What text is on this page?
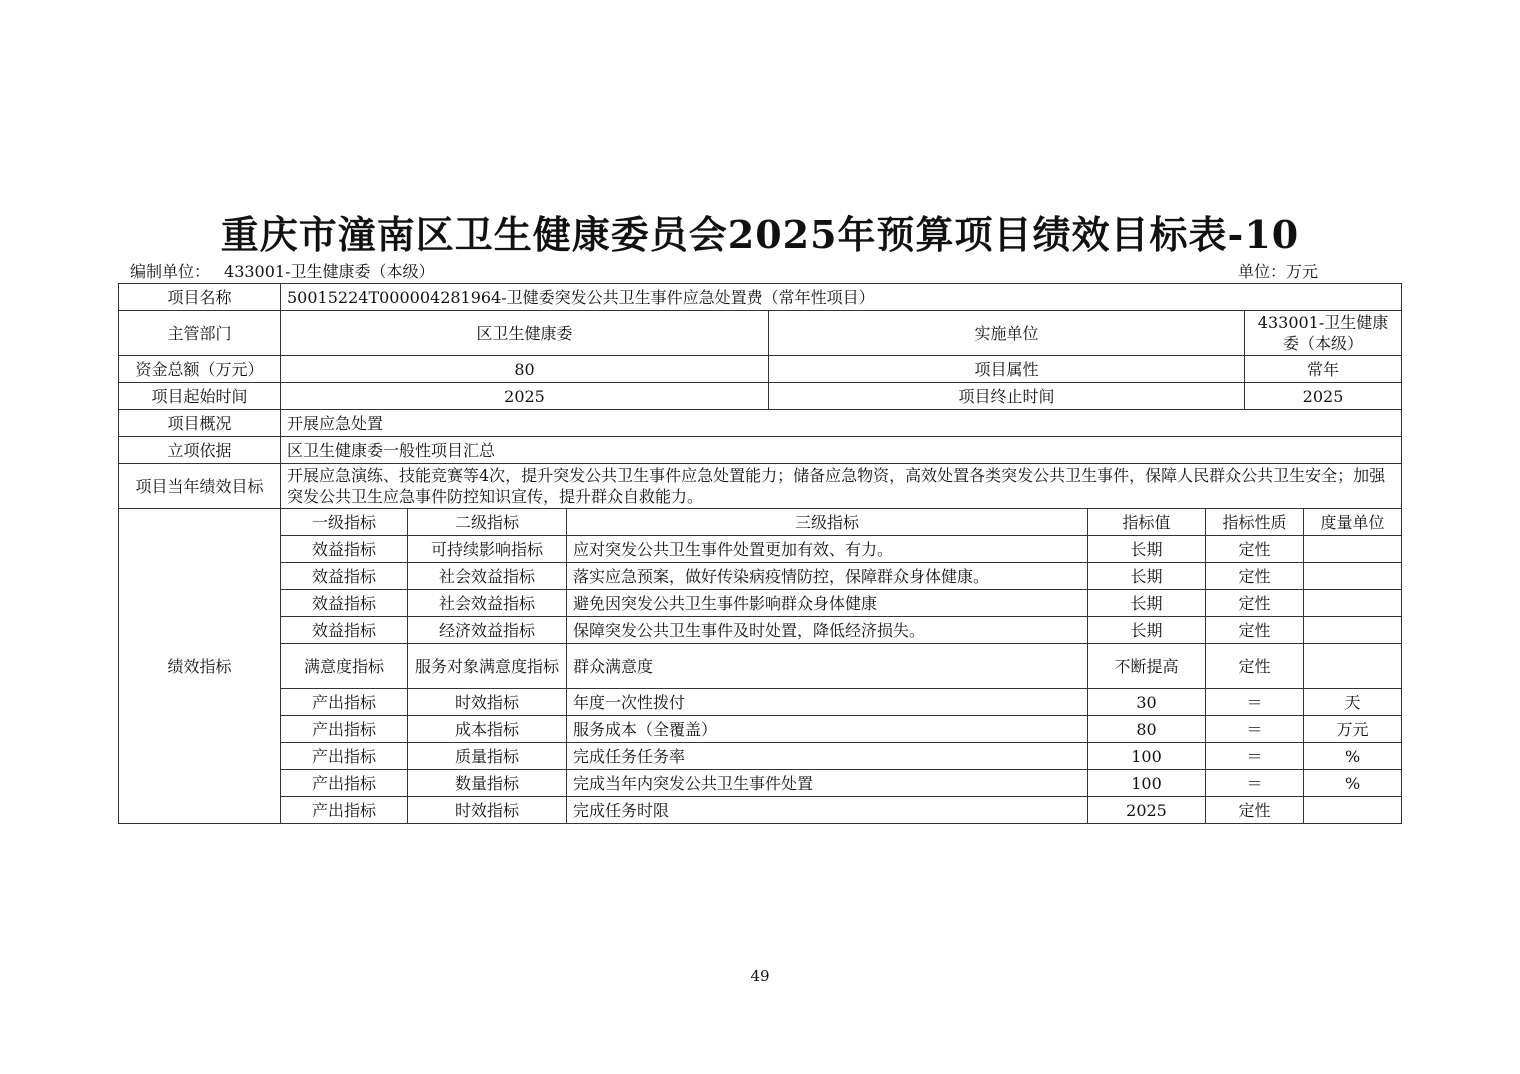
重庆市潼南区卫生健康委员会2025年预算项目绩效目标表-10
编制单位： 433001-卫生健康委（本级）	单位：万元
项目名称	50015224T000004281964-卫健委突发公共卫生事件应急处置费（常年性项目）							
主管部门	区卫生健康委			实施单位			433001-卫生健康委（本级）	
资金总额（万元）	80			项目属性			常年	
项目起始时间	2025			项目终止时间			2025	
项目概况	开展应急处置							
立项依据	区卫生健康委一般性项目汇总							
项目当年绩效目标	开展应急演练、技能竞赛等4次，提升突发公共卫生事件应急处置能力；储备应急物资，高效处置各类突发公共卫生事件，保障人民群众公共卫生安全；加强突发公共卫生应急事件防控知识宣传，提升群众自救能力。							
绩效指标	一级指标	二级指标	三级指标		指标值	指标性质		度量单位
	效益指标	可持续影响指标	应对突发公共卫生事件处置更加有效、有力。		长期	定性		
	效益指标	社会效益指标	落实应急预案，做好传染病疫情防控，保障群众身体健康。		长期	定性		
	效益指标	社会效益指标	避免因突发公共卫生事件影响群众身体健康		长期	定性		
	效益指标	经济效益指标	保障突发公共卫生事件及时处置，降低经济损失。		长期	定性		
	满意度指标	服务对象满意度指标	群众满意度		不断提高	定性		
	产出指标	时效指标	年度一次性拨付		30	＝		天
	产出指标	成本指标	服务成本（全覆盖）		80	＝		万元
	产出指标	质量指标	完成任务任务率		100	＝		%
	产出指标	数量指标	完成当年内突发公共卫生事件处置		100	＝		%
	产出指标	时效指标	完成任务时限		2025	定性		
49
